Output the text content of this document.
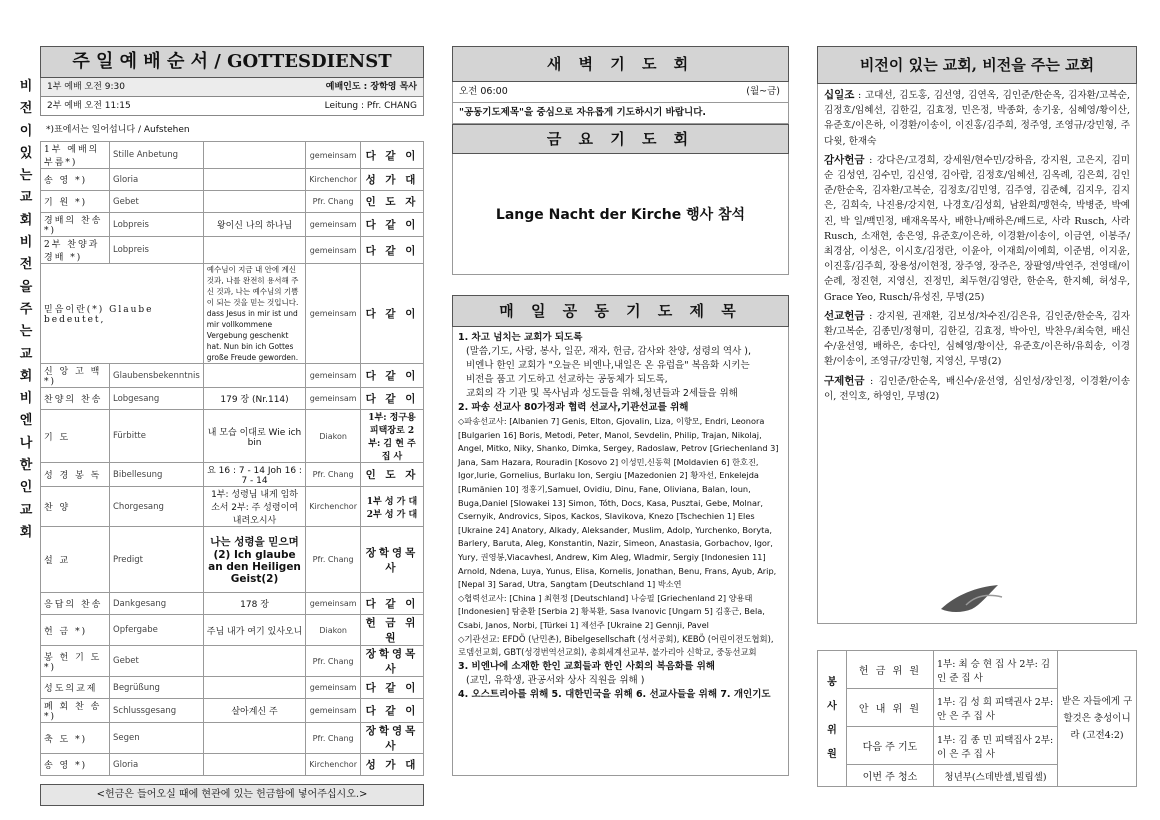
비
전
이
있
는
교
회
비
전
을
주
는
교
회
비
엔
나
한
인
교
회
주 일 예 배 순 서 / GOTTESDIENST
1부 예배 오전 9:30	예배인도 : 장학영 목사
2부 예배 오전 11:15	Leitung : Pfr. CHANG
*)표에서는 일어섭니다 / Aufstehen
1부 예배의부름*)	Stille Anbetung		gemeinsam	다 같 이
송 영 *)	Gloria		Kirchenchor	성 가 대
기 원 *)	Gebet		Pfr. Chang	인 도 자
경배의 찬송 *)	Lobpreis	왕이신 나의 하나님	gemeinsam	다 같 이
2부 찬양과경배 *)	Lobpreis		gemeinsam	다 같 이
믿음이란(*) Glaube bedeutet,		예수님이 지금 내 안에 계신 것과, 나를 완전히 용서해 주신 것과, 나는 예수님의 기쁨이 되는 것을 믿는 것입니다. dass Jesus in mir ist und mir vollkommene Vergebung geschenkt hat. Nun bin ich Gottes große Freude geworden.	gemeinsam	다 같 이
신 앙 고 백 *)	Glaubensbekenntnis		gemeinsam	다 같 이
찬양의 찬송	Lobgesang	179 장 (Nr.114)	gemeinsam	다 같 이
기 도	Fürbitte	내 모습 이대로 Wie ich bin	Diakon	1부: 정구용피택장로 2부: 김 현 주 집 사
성 경 봉 독	Bibellesung	요 16 : 7 - 14 Joh 16 : 7 - 14	Pfr. Chang	인 도 자
찬 양	Chorgesang	1부: 성령님 내게 임하소서 2부: 주 성령이여 내려오시사	Kirchenchor	1부 성 가 대 2부 성 가 대
설 교	Predigt	나는 성령을 믿으며(2) Ich glaube an den Heiligen Geist(2)	Pfr. Chang	장학영목사
응답의 찬송	Dankgesang	178 장	gemeinsam	다 같 이
헌 금 *)	Opfergabe	주님 내가 여기 있사오니	Diakon	헌 금 위 원
봉 헌 기 도 *)	Gebet		Pfr. Chang	장학영목사
성도의교제	Begrüßung		gemeinsam	다 같 이
폐 회 찬 송 *)	Schlussgesang	살아계신 주	gemeinsam	다 같 이
축 도 *)	Segen		Pfr. Chang	장학영목사
송 영 *)	Gloria		Kirchenchor	성 가 대
<헌금은 들어오실 때에 현관에 있는 헌금함에 넣어주십시오.>
새 벽 기 도 회
오전 06:00	(월~금)
"공동기도제목"을 중심으로 자유롭게 기도하시기 바랍니다.
금 요 기 도 회
Lange Nacht der Kirche 행사 참석
매 일 공 동 기 도 제 목
1. 차고 넘치는 교회가 되도록
(말씀,기도, 사랑, 봉사, 일꾼, 재자, 헌금, 감사와 찬양, 성령의 역사 ),
비엔나 한인 교회가 "오늘은 비엔나,내일은 온 유럽을" 복음화 시키는
비전을 품고 기도하고 선교하는 공동체가 되도록,
교회의 각 기관 및 목사님과 성도들을 위해,청년들과 2세들을 위해
2. 파송 선교사 80가정과 협력 선교사,기관선교를 위해
◇파송선교사: [Albanien 7] Genis, Elton, Gjovalin, Liza, 이향모, Endri, Leonora [Bulgarien 16] Boris, Metodi, Peter, Manol, Sevdelin, Philip, Trajan, Nikolaj, Angel, Mitko, Niky, Shanko, Dimka, Sergey, Radoslaw, Petrov [Griechenland 3] Jana, Sam Hazara, Rouradin [Kosovo 2] 이성민,신동혁 [Moldavien 6] 한호진, Igor,lurie, Gornelius, Burlaku Ion, Sergiu [Mazedonien 2] 황자선, Enkelejda [Rumänien 10] 정홍기,Samuel, Ovidiu, Dinu, Fane, Oliviana, Balan, Ioun, Buga,Daniel [Slowakei 13] Simon, Tóth, Docs, Kasa, Pusztai, Gebe, Molnar, Csernyik, Androvics, Sipos, Kackos, Slavikova, Knezo [Tschechien 1] Eles [Ukraine 24] Anatory, Alkady, Aleksander, Muslim, Adolp, Yurchenko, Boryta, Barlery, Baruta, Aleg, Konstantin, Nazir, Simeon, Anastasia, Gorbachov, Igor, Yury, 권영봉,Viacavhesl, Andrew, Kim Aleg, Wladmir, Sergiy [Indonesien 11] Arnold, Ndena, Luya, Yunus, Elisa, Kornelis, Jonathan, Benu, Frans, Ayub, Arip, [Nepal 3] Sarad, Utra, Sangtam [Deutschland 1] 박소연
◇협력선교사: [China ] 최현정 [Deutschland] 나승필 [Griechenland 2] 양용태 [Indonesien] 탐춘환 [Serbia 2] 황북환, Sasa Ivanovic [Ungarn 5] 김홍근, Bela, Csabi, Janos, Norbi, [Türkei 1] 제선주 [Ukraine 2] Gennji, Pavel
◇기관선교: EFDÖ (난민촌), Bibelgesellschaft (성서공회), KEBÖ (어린이전도협회), 로뎀선교회, GBT(성경번역선교회), 총회세계선교부, 불가리아 신학교, 중동선교회
3. 비엔나에 소재한 한인 교회들과 한인 사회의 복음화를 위해
(교민, 유학생, 관공서와 상사 직원을 위해 )
4. 오스트리아를 위해 5. 대한민국을 위해 6. 선교사들을 위해 7. 개인기도
비전이 있는 교회, 비전을 주는 교회
십일조 : 고대선, 김도홍, 김선영, 김연옥, 김인준/한순옥, 김자환/고복순, 김정호/임혜선, 김한길, 김효정, 민은정, 박종화, 송기웅, 심혜영/황이산, 유준호/이은하, 이경환/이송이, 이진홍/김주희, 정주영, 조영규/강민형, 주다윗, 한재숙
감사헌금 : 강다은/고경희, 강세원/현수민/강하음, 강지원, 고은지, 김미순 김성연, 김수민, 김신영, 김아람, 김정호/임혜선, 김옥례, 김은희, 김인준/한순옥, 김자환/고복순, 김정호/김민영, 김주영, 김준혜, 김지우, 김지은, 김희숙, 나진용/강지현, 나경호/김성희, 남완희/맹현숙, 박병준, 박예진, 박 일/백민정, 배재옥목사, 배한나/배하은/배드로, 사라 Rusch, 사라 Rusch, 소재현, 송은영, 유준호/이은하, 이경환/이송이, 이금연, 이봉주/최경삼, 이성은, 이시호/김정란, 이윤아, 이재희/이예희, 이준범, 이지윤, 이진홍/김주희, 장용성/이현정, 장주영, 장주은, 장팔영/박연주, 전영태/이순례, 정진현, 지영신, 진정민, 최두현/김영란, 한순옥, 한지혜, 허성우, Grace Yeo, Rusch/유성진, 무명(25)
선교헌금 : 강지원, 권재환, 김보성/차수진/김은유, 김인준/한순옥, 김자환/고복순, 김종민/정형미, 김한길, 김효정, 박아인, 박찬우/최숙현, 배신수/윤선영, 배하은, 송다인, 심혜영/황이산, 유준호/이은하/유희송, 이경환/이송이, 조영규/강민형, 지영신, 무명(2)
구제헌금 : 김인준/한순옥, 배신수/윤선영, 심인성/장인정, 이경환/이송이, 전익호, 하영인, 무명(2)
봉 사 위 원	헌 금 위 원	1부: 최 승 현 집 사 2부: 김 인 준 집 사	받은 자들에게 구할것은 충성이니라 (고전4:2)
	안 내 위 원	1부: 김 성 희 피택권사 2부: 안 은 주 집 사	
	다음 주 기도	1부: 김 종 민 피택집사 2부: 이 은 주 집 사	
	이번 주 청소	청년부(스데반셀,빌립셀)	
